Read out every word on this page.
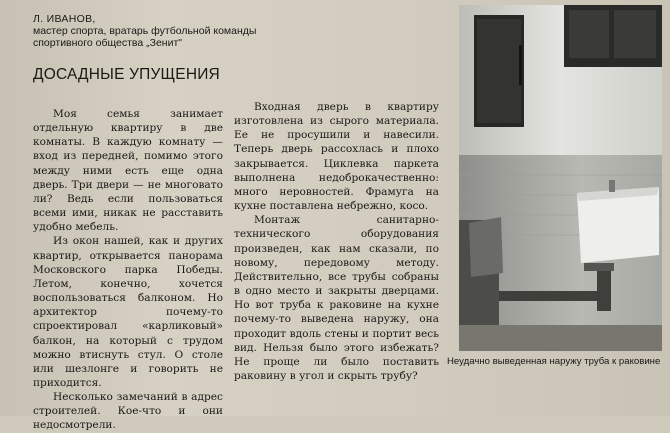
Л. ИВАНОВ,
мастер спорта, вратарь футбольной команды
спортивного общества „Зенит"
ДОСАДНЫЕ УПУЩЕНИЯ

Моя семья занимает отдельную квартиру в две комнаты. В каждую комнату — вход из передней, помимо этого между ними есть еще одна дверь. Три двери — не многовато ли? Ведь если пользоваться всеми ими, никак не расставить удобно мебель.

Из окон нашей, как и других квартир, открывается панорама Московского парка Победы. Летом, конечно, хочется воспользоваться балконом. Но архитектор почему-то спроектировал «карликовый» балкон, на который с трудом можно втиснуть стул. О столе или шезлонге и говорить не приходится.

Несколько замечаний в адрес строителей. Кое-что и они недосмотрели.

Входная дверь в квартиру изготовлена из сырого материала. Ее не просушили и навесили. Теперь дверь рассохлась и плохо закрывается. Циклевка паркета выполнена недоброкачественно: много неровностей. Фрамуга на кухне поставлена небрежно, косо.

Монтаж санитарно-технического оборудования произведен, как нам сказали, по новому, передовому методу. Действительно, все трубы собраны в одно место и закрыты дверцами. Но вот труба к раковине на кухне почему-то выведена наружу, она проходит вдоль стены и портит весь вид. Нельзя было этого избежать? Не проще ли было поставить раковину в угол и скрыть трубу?

Неудачно выведенная наружу труба к раковине
